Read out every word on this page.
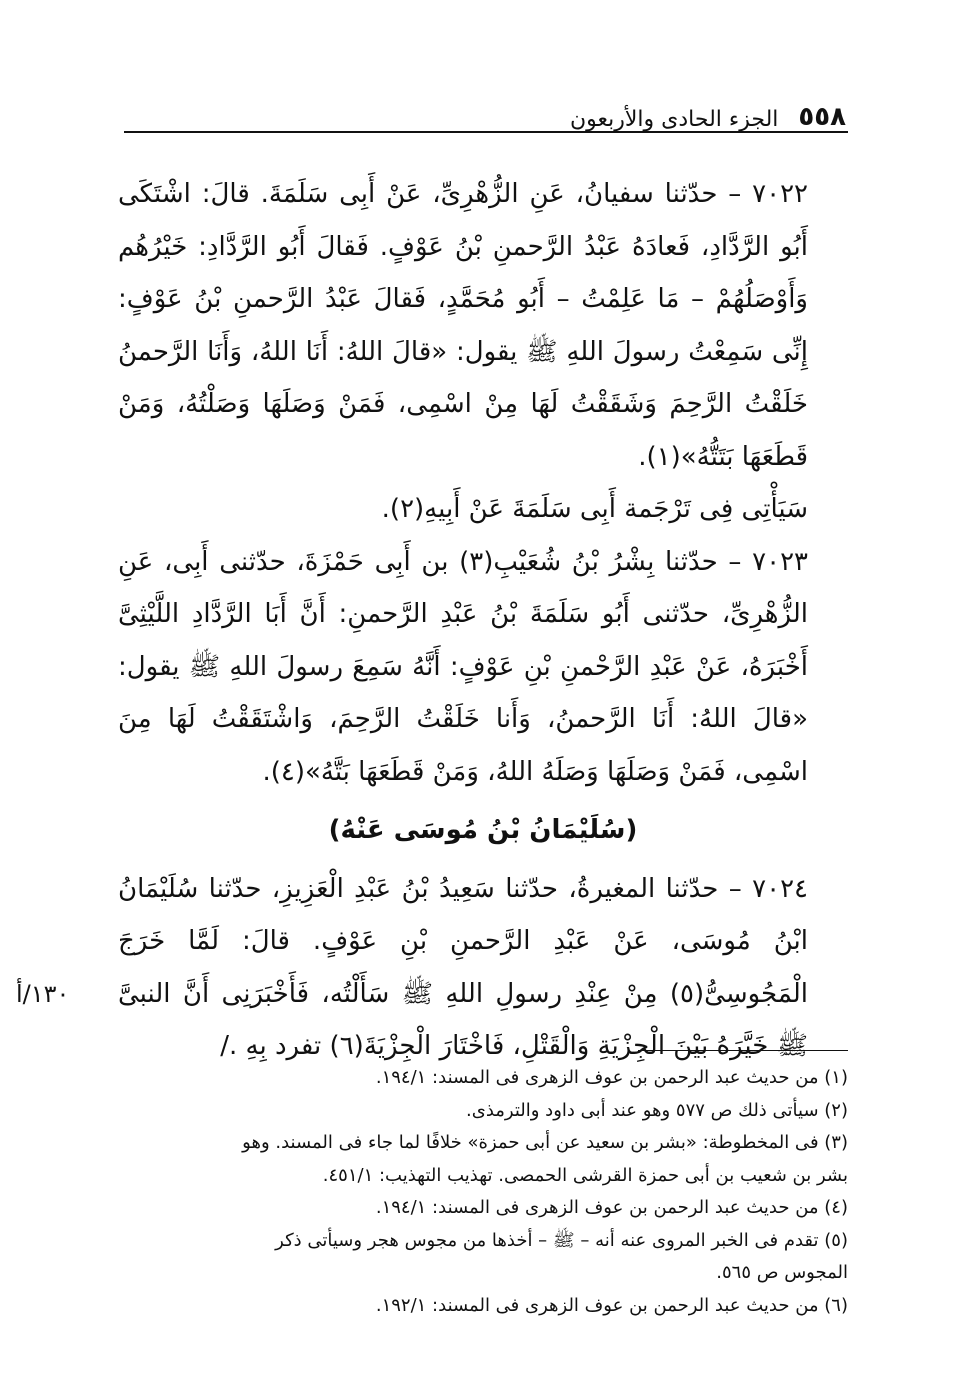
٥٥٨
الجزء الحادى والأربعون

٧٠٢٢ – حدّثنا سفيانُ، عَنِ الزُّهْرِىِّ، عَنْ أَبِى سَلَمَةَ. قالَ: اشْتَكَى أَبُو الرَّدَّادِ، فَعادَهُ عَبْدُ الرَّحمنِ بْنُ عَوْفٍ. فَقالَ أَبُو الرَّدَّادِ: خَيْرُهُم وَأَوْصَلُهُمْ – مَا عَلِمْتُ – أَبُو مُحَمَّدٍ، فَقالَ عَبْدُ الرَّحمنِ بْنُ عَوْفٍ: إِنِّى سَمِعْتُ رسولَ اللهِ ﷺ يقول: «قالَ اللهُ: أَنَا اللهُ، وَأَنَا الرَّحمنُ خَلَقْتُ الرَّحِمَ وَشَقَقْتُ لَهَا مِنْ اسْمِى، فَمَنْ وَصَلَهَا وَصَلْتُهُ، وَمَنْ قَطَعَهَا بَتَتُّهُ»(١).

سَيَأْتِى فِى تَرْجَمة أَبِى سَلَمَةَ عَنْ أَبِيهِ(٢).

٧٠٢٣ – حدّثنا بِشْرُ بْنُ شُعَيْبِ(٣) بن أَبِى حَمْزَةَ، حدّثنى أَبِى، عَنِ الزُّهْرِىِّ، حدّثنى أَبُو سَلَمَةَ بْنُ عَبْدِ الرَّحمنِ: أَنَّ أَبَا الرَّدَّادِ اللَّيْثِىَّ أَخْبَرَهُ، عَنْ عَبْدِ الرَّحْمنِ بْنِ عَوْفٍ: أَنَّهُ سَمِعَ رسولَ اللهِ ﷺ يقول: «قالَ اللهُ: أَنَا الرَّحمنُ، وَأَنا خَلَقْتُ الرَّحِمَ، وَاشْتَقَقْتُ لَهَا مِنَ اسْمِى، فَمَنْ وَصَلَهَا وَصَلَهُ اللهُ، وَمَنْ قَطَعَهَا بَتَّهُ»(٤).

(سُلَيْمَانُ بْنُ مُوسَى عَنْهُ)

٧٠٢٤ – حدّثنا المغيرةُ، حدّثنا سَعِيدُ بْنُ عَبْدِ الْعَزِيزِ، حدّثنا سُلَيْمَانُ ابْنُ مُوسَى، عَنْ عَبْدِ الرَّحمنِ بْنِ عَوْفٍ. قالَ: لَمَّا خَرَجَ الْمَجُوسِىُّ(٥) مِنْ عِنْدِ رسولِ اللهِ ﷺ سَأَلْتُه، فَأَخْبَرَنِى أَنَّ النبىَّ ﷺ خَيَّرَهُ بَيْنَ الْجِزْيَةِ وَالْقَتْلِ، فَاخْتَارَ الْجِزْيَةَ(٦) تفرد بِهِ ./

١٣٠/أ

(١) من حديث عبد الرحمن بن عوف الزهرى فى المسند: ١٩٤/١.

(٢) سيأتى ذلك ص ٥٧٧ وهو عند أبى داود والترمذى.

(٣) فى المخطوطة: «بشر بن سعيد عن أبى حمزة» خلافًا لما جاء فى المسند. وهو

بشر بن شعيب بن أبى حمزة القرشى الحمصى. تهذيب التهذيب: ٤٥١/١.

(٤) من حديث عبد الرحمن بن عوف الزهرى فى المسند: ١٩٤/١.

(٥) تقدم فى الخبر المروى عنه أنه – ﷺ – أخذها من مجوس هجر وسيأتى ذكر

المجوس ص ٥٦٥.

(٦) من حديث عبد الرحمن بن عوف الزهرى فى المسند: ١٩٢/١.
